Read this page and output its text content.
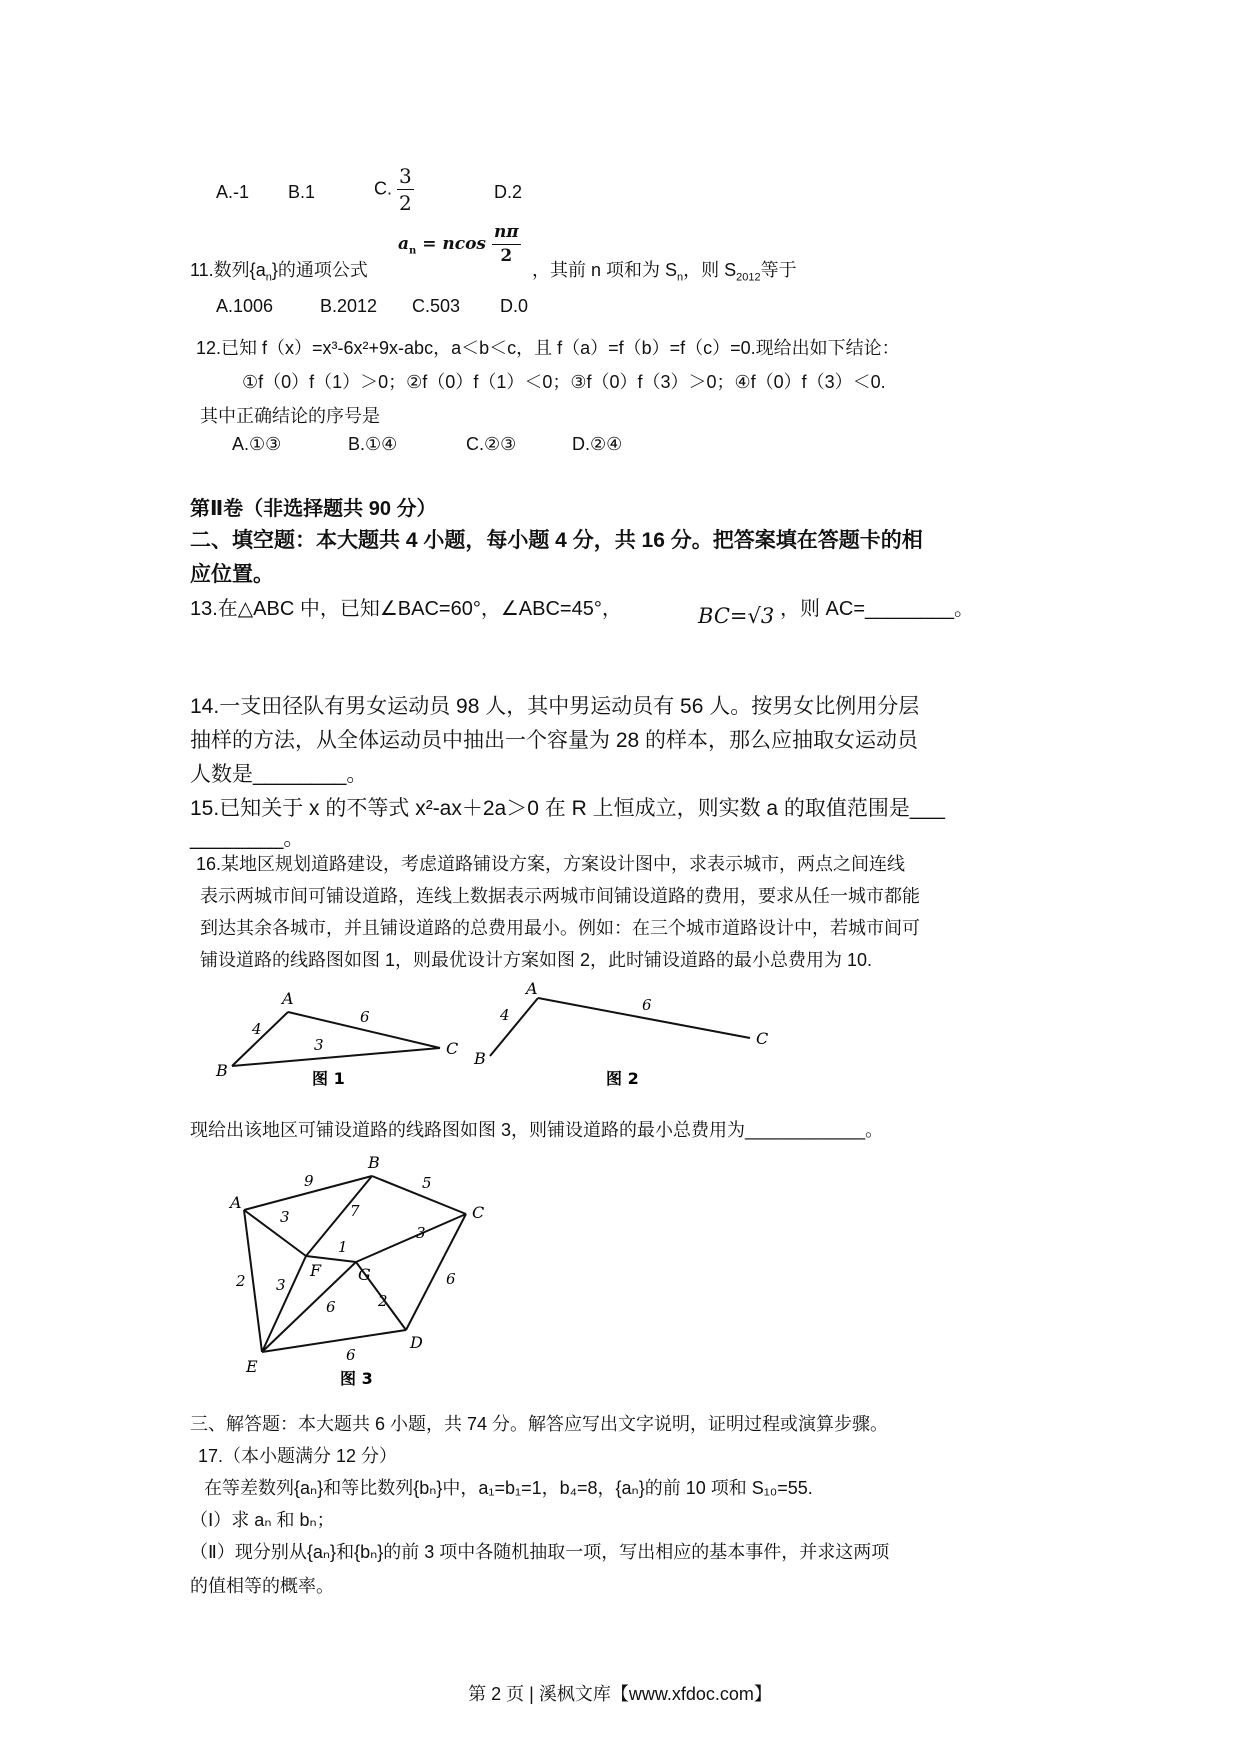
A.-1 B.1	C. $\frac{3}{2}$	D.2
11.数列$\{a_n\}$的通项公式
$a_n = ncos \frac{n\pi}{2}$
，其前 n 项和为 $S_n$，则 $S_{2012}$等于
A.1006	B.2012 C.503 D.0
12.已知 f（x）=x³-6x²+9x-abc，a＜b＜c，且 f（a）=f（b）=f（c）=0.现给出如下结论：
①f（0）f（1）＞0；②f（0）f（1）＜0；③f（0）f（3）＞0；④f（0）f（3）＜0.
其中正确结论的序号是
A.①③	B.①④	C.②③	D.②④
第Ⅱ卷（非选择题共 90 分）
二、填空题：本大题共 4 小题，每小题 4 分，共 16 分。把答案填在答题卡的相
应位置。
13.在△ABC 中，已知∠BAC=60°，∠ABC=45°，	BC=√3 ，则 AC=________。
14.一支田径队有男女运动员 98 人，其中男运动员有 56 人。按男女比例用分层
抽样的方法，从全体运动员中抽出一个容量为 28 的样本，那么应抽取女运动员
人数是________。
15.已知关于 x 的不等式 x²-ax＋2a＞0 在 R 上恒成立，则实数 a 的取值范围是___
________。
16.某地区规划道路建设，考虑道路铺设方案，方案设计图中，求表示城市，两点之间连线
表示两城市间可铺设道路，连线上数据表示两城市间铺设道路的费用，要求从任一城市都能
到达其余各城市，并且铺设道路的总费用最小。例如：在三个城市道路设计中，若城市间可
铺设道路的线路图如图 1，则最优设计方案如图 2，此时铺设道路的最小总费用为 10.
A
B
C
4
6
3
图 1
A
B
C
4
6
图 2
现给出该地区可铺设道路的线路图如图 3，则铺设道路的最小总费用为____________。
A
B
C
D
E
F G
9	5
3	7
1
3
2 3
6	2
6
6
图 3
三、解答题：本大题共 6 小题，共 74 分。解答应写出文字说明，证明过程或演算步骤。
17.（本小题满分 12 分）
在等差数列{aₙ}和等比数列{bₙ}中，a₁=b₁=1，b₄=8，{aₙ}的前 10 项和 S₁₀=55.
（Ⅰ）求 aₙ 和 bₙ；
（Ⅱ）现分别从{aₙ}和{bₙ}的前 3 项中各随机抽取一项，写出相应的基本事件，并求这两项
的值相等的概率。
第 2 页 | 溪枫文库【www.xfdoc.com】
